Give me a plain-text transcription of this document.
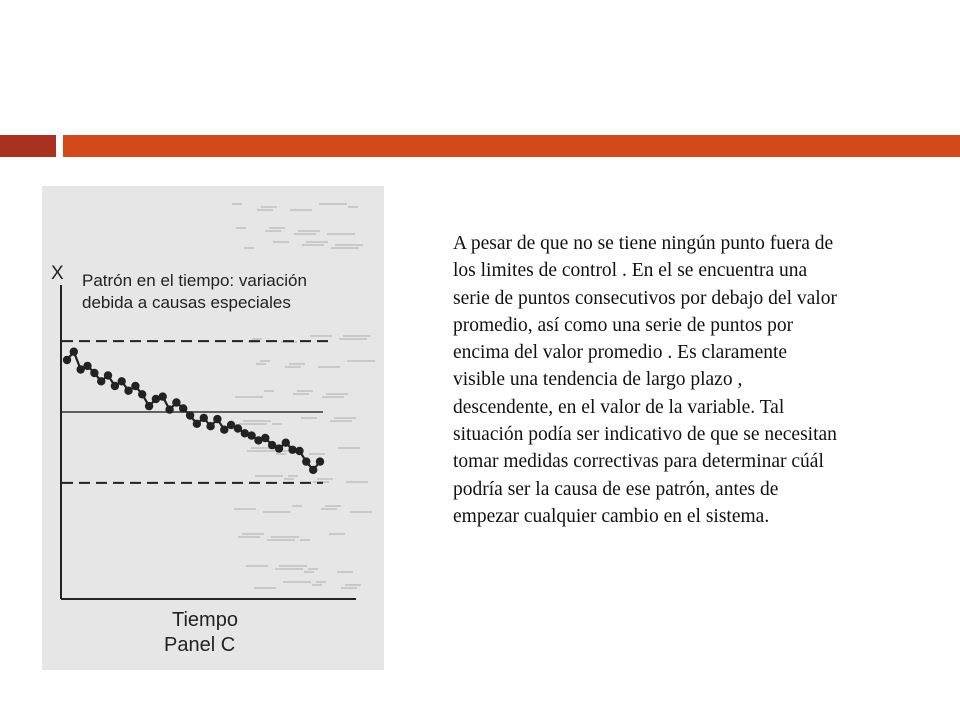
X Patrón en el tiempo: variación
debida a causas especiales
Tiempo
Panel C

A pesar de que no se tiene ningún punto fuera de los limites de control . En el se encuentra una serie de puntos consecutivos por debajo del valor promedio, así como una serie de puntos por encima del valor promedio . Es claramente visible una tendencia de largo plazo , descendente, en el valor de la variable. Tal situación podía ser indicativo de que se necesitan tomar medidas correctivas para determinar cúál podría ser la causa de ese patrón, antes de empezar cualquier cambio en el sistema.
